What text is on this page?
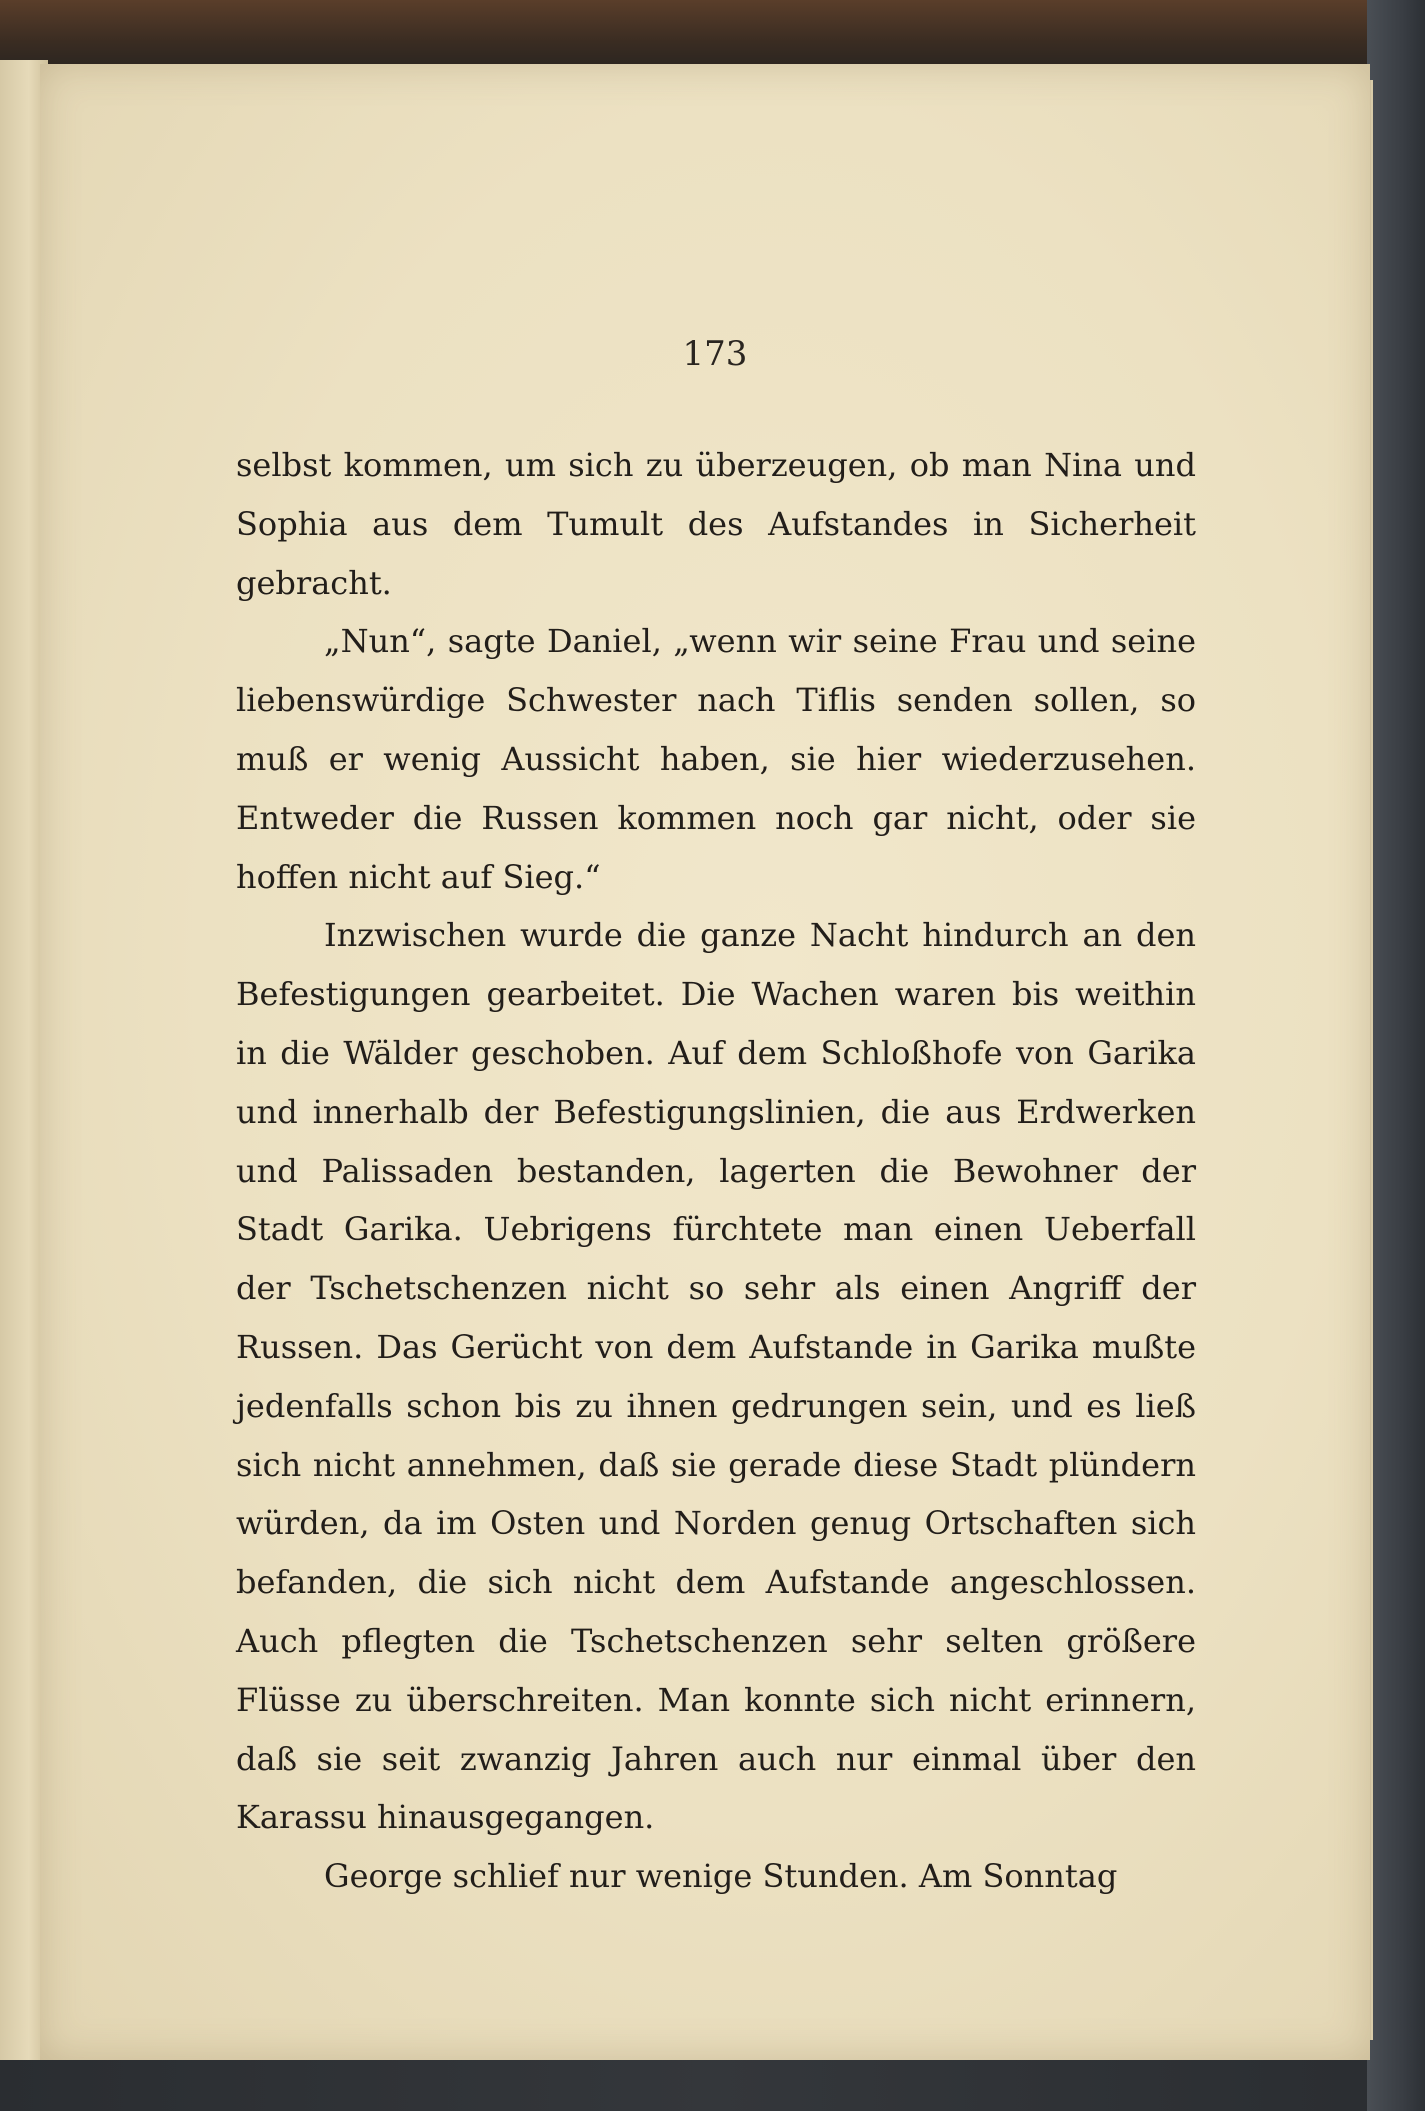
173

selbst kommen, um sich zu überzeugen, ob man Nina und Sophia aus dem Tumult des Aufstandes in Sicherheit gebracht.

„Nun“, sagte Daniel, „wenn wir seine Frau und seine liebenswürdige Schwester nach Tiflis senden sollen, so muß er wenig Aussicht haben, sie hier wiederzusehen. Entweder die Russen kommen noch gar nicht, oder sie hoffen nicht auf Sieg.“

Inzwischen wurde die ganze Nacht hindurch an den Befestigungen gearbeitet. Die Wachen waren bis weithin in die Wälder geschoben. Auf dem Schloßhofe von Garika und innerhalb der Befestigungslinien, die aus Erdwerken und Palissaden bestanden, lagerten die Bewohner der Stadt Garika. Uebrigens fürchtete man einen Ueberfall der Tschetschenzen nicht so sehr als einen Angriff der Russen. Das Gerücht von dem Aufstande in Garika mußte jedenfalls schon bis zu ihnen gedrungen sein, und es ließ sich nicht annehmen, daß sie gerade diese Stadt plündern würden, da im Osten und Norden genug Ortschaften sich befanden, die sich nicht dem Aufstande angeschlossen. Auch pflegten die Tschetschenzen sehr selten größere Flüsse zu überschreiten. Man konnte sich nicht erinnern, daß sie seit zwanzig Jahren auch nur einmal über den Karassu hinausgegangen.

George schlief nur wenige Stunden. Am Sonntag
